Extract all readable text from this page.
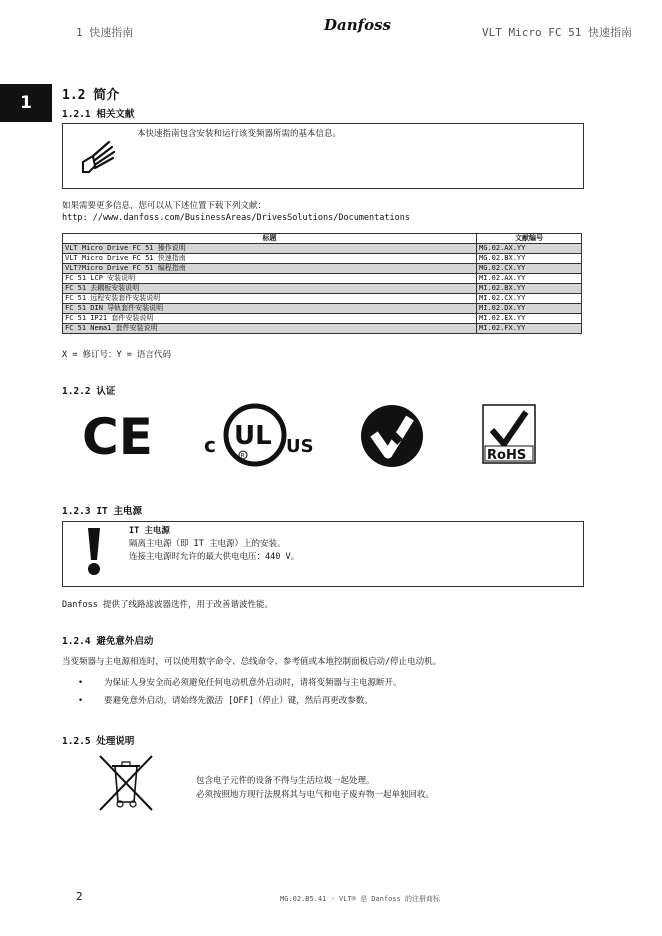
1 快速指南	Danfoss	VLT Micro FC 51 快速指南
1	1.2 简介
1.2.1 相关文献
本快速指南包含安装和运行该变频器所需的基本信息。
如果需要更多信息，您可以从下述位置下载下列文献：
http: //www.danfoss.com/BusinessAreas/DrivesSolutions/Documentations
标题	文献编号
VLT Micro Drive FC 51 操作说明	MG.02.AX.YY
VLT Micro Drive FC 51 快速指南	MG.02.BX.YY
VLT?Micro Drive FC 51 编程指南	MG.02.CX.YY
FC 51 LCP 安装说明	MI.02.AX.YY
FC 51 去耦板安装说明	MI.02.BX.YY
FC 51 远程安装套件安装说明	MI.02.CX.YY
FC 51 DIN 导轨套件安装说明	MI.02.DX.YY
FC 51 IP21 套件安装说明	MI.02.EX.YY
FC 51 Nema1 套件安装说明	MI.02.FX.YY
X = 修订号：Y = 语言代码
1.2.2 认证
CE	c UL
R US	RoHS
1.2.3 IT 主电源
IT 主电源
隔离主电源（即 IT 主电源）上的安装。
连接主电源时允许的最大供电电压：440 V。
Danfoss 提供了线路滤波器选件，用于改善谐波性能。
1.2.4 避免意外启动
当变频器与主电源相连时，可以使用数字命令、总线命令、参考值或本地控制面板启动/停止电动机。
• 为保证人身安全而必须避免任何电动机意外启动时，请将变频器与主电源断开。
• 要避免意外启动，请始终先激活 [OFF]（停止）键，然后再更改参数。
1.2.5 处理说明
包含电子元件的设备不得与生活垃圾一起处理。
必须按照地方现行法规将其与电气和电子废弃物一起单独回收。
2	MG.02.B5.41 - VLT® 是 Danfoss 的注册商标
